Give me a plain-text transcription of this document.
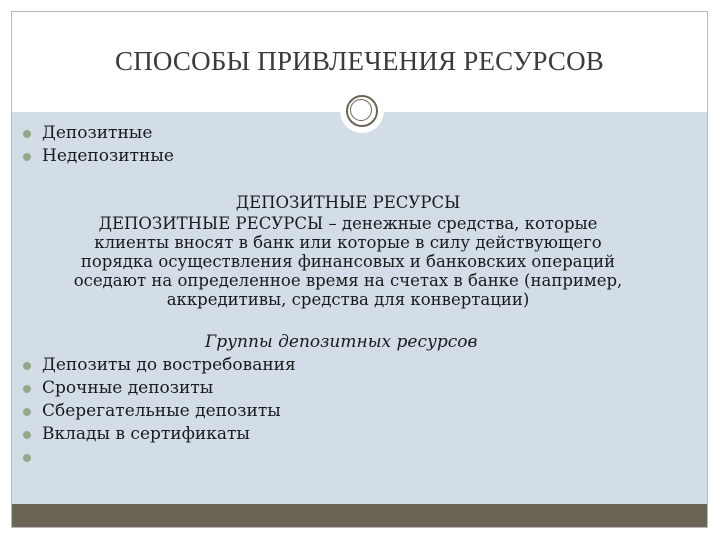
СПОСОБЫ ПРИВЛЕЧЕНИЯ РЕСУРСОВ
Депозитные
Недепозитные
ДЕПОЗИТНЫЕ РЕСУРСЫ
ДЕПОЗИТНЫЕ РЕСУРСЫ – денежные средства, которые
клиенты вносят в банк или которые в силу действующего
порядка осуществления финансовых и банковских операций
оседают на определенное время на счетах в банке (например,
аккредитивы, средства для конвертации)
Группы депозитных ресурсов
Депозиты до востребования
Срочные депозиты
Сберегательные депозиты
Вклады в сертификаты
